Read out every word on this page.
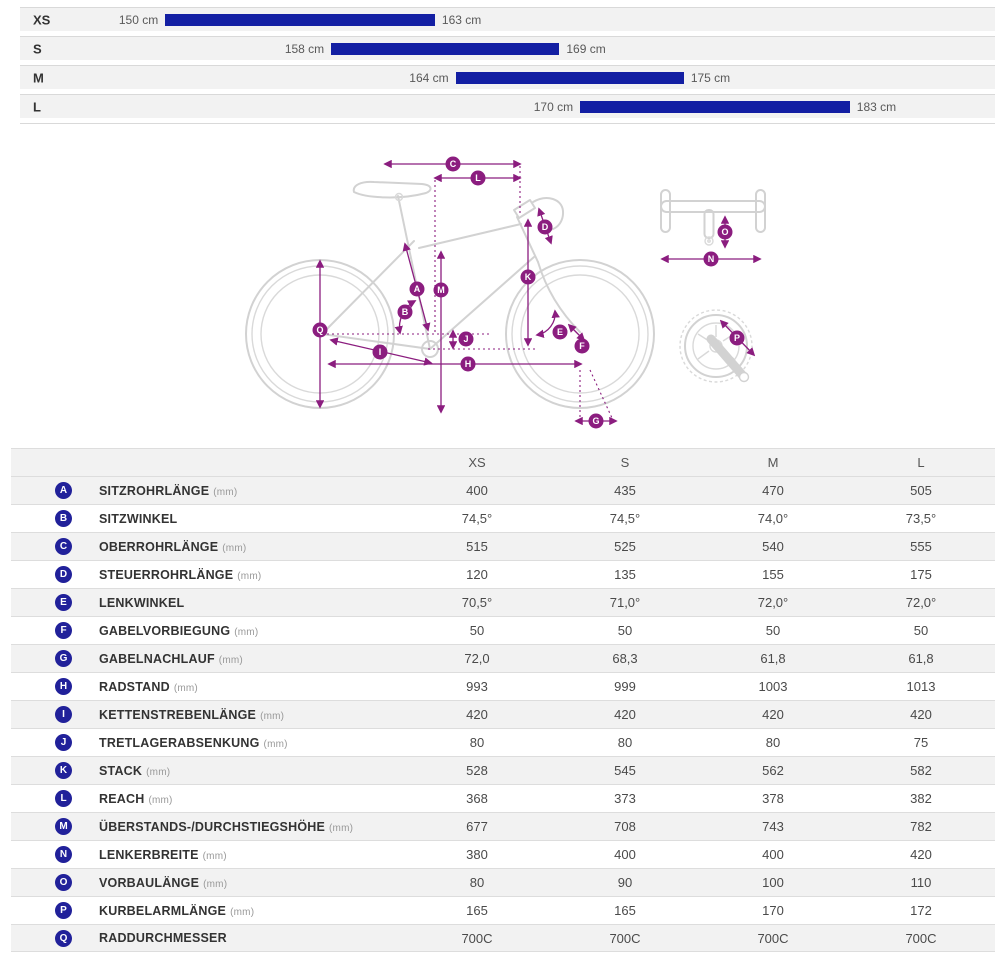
XS	150 cm	163 cm
S	158 cm	169 cm
M	164 cm	175 cm
L	170 cm	183 cm
A
B
C
D
E
F
G
H
I
J
K
L
M
N
O
P
Q
XS	S	M	L
A	SITZROHRLÄNGE (mm)	400	435	470	505
B	SITZWINKEL	74,5°	74,5°	74,0°	73,5°
C	OBERROHRLÄNGE (mm)	515	525	540	555
D	STEUERROHRLÄNGE (mm)	120	135	155	175
E	LENKWINKEL	70,5°	71,0°	72,0°	72,0°
F	GABELVORBIEGUNG (mm)	50	50	50	50
G	GABELNACHLAUF (mm)	72,0	68,3	61,8	61,8
H	RADSTAND (mm)	993	999	1003	1013
I	KETTENSTREBENLÄNGE (mm)	420	420	420	420
J	TRETLAGERABSENKUNG (mm)	80	80	80	75
K	STACK (mm)	528	545	562	582
L	REACH (mm)	368	373	378	382
M	ÜBERSTANDS-/DURCHSTIEGSHÖHE (mm)	677	708	743	782
N	LENKERBREITE (mm)	380	400	400	420
O	VORBAULÄNGE (mm)	80	90	100	110
P	KURBELARMLÄNGE (mm)	165	165	170	172
Q	RADDURCHMESSER	700C	700C	700C	700C
